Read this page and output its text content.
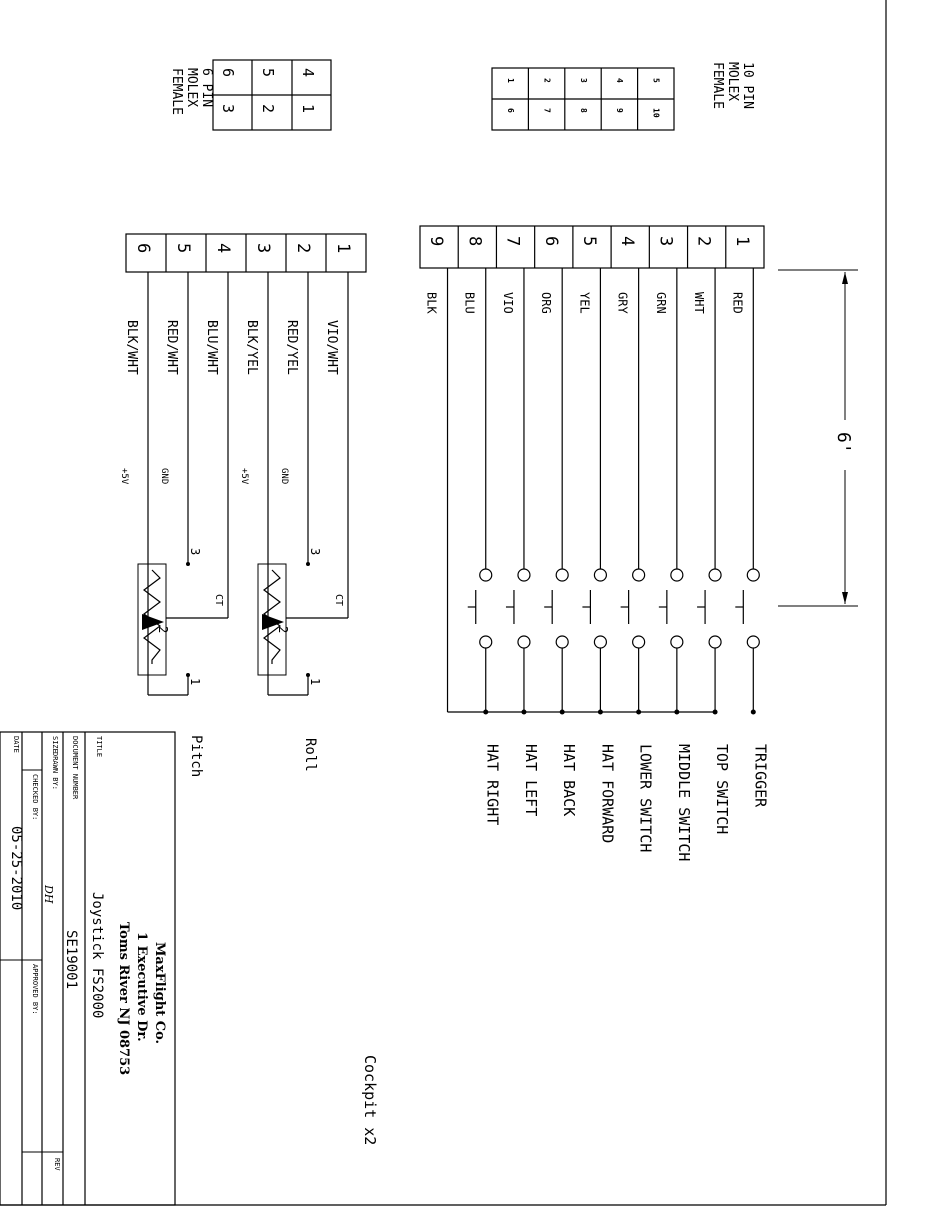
1
6
2
7
3
8
4
9
5
10
10 PIN
MOLEX
FEMALE
6
3
5
2
4
1
6 PIN
MOLEX
FEMALE
9
BLK
8
BLU
HAT RIGHT
7
VIO
HAT LEFT
6
ORG
HAT BACK
5
YEL
HAT FORWARD
4
GRY
LOWER SWITCH
3
GRN
MIDDLE SWITCH
2
WHT
TOP SWITCH
1
RED
TRIGGER
6'
6
BLK/WHT
+5V
5
RED/WHT
GND
4
BLU/WHT
3
BLK/YEL
+5V
2
RED/YEL
GND
1
VIO/WHT
CT
3
2
1
CT
3
2
1
Roll
Pitch
Cockpit x2
MaxFlight Co.
1 Executive Dr.
Toms River NJ 08753
TITLE
Joystick FS2000
DOCUMENT NUMBER
SE19001
REV
SIZE
DRAWN BY:
DH
CHECKED BY:
APPROVED BY:
DATE
05-25-2010
